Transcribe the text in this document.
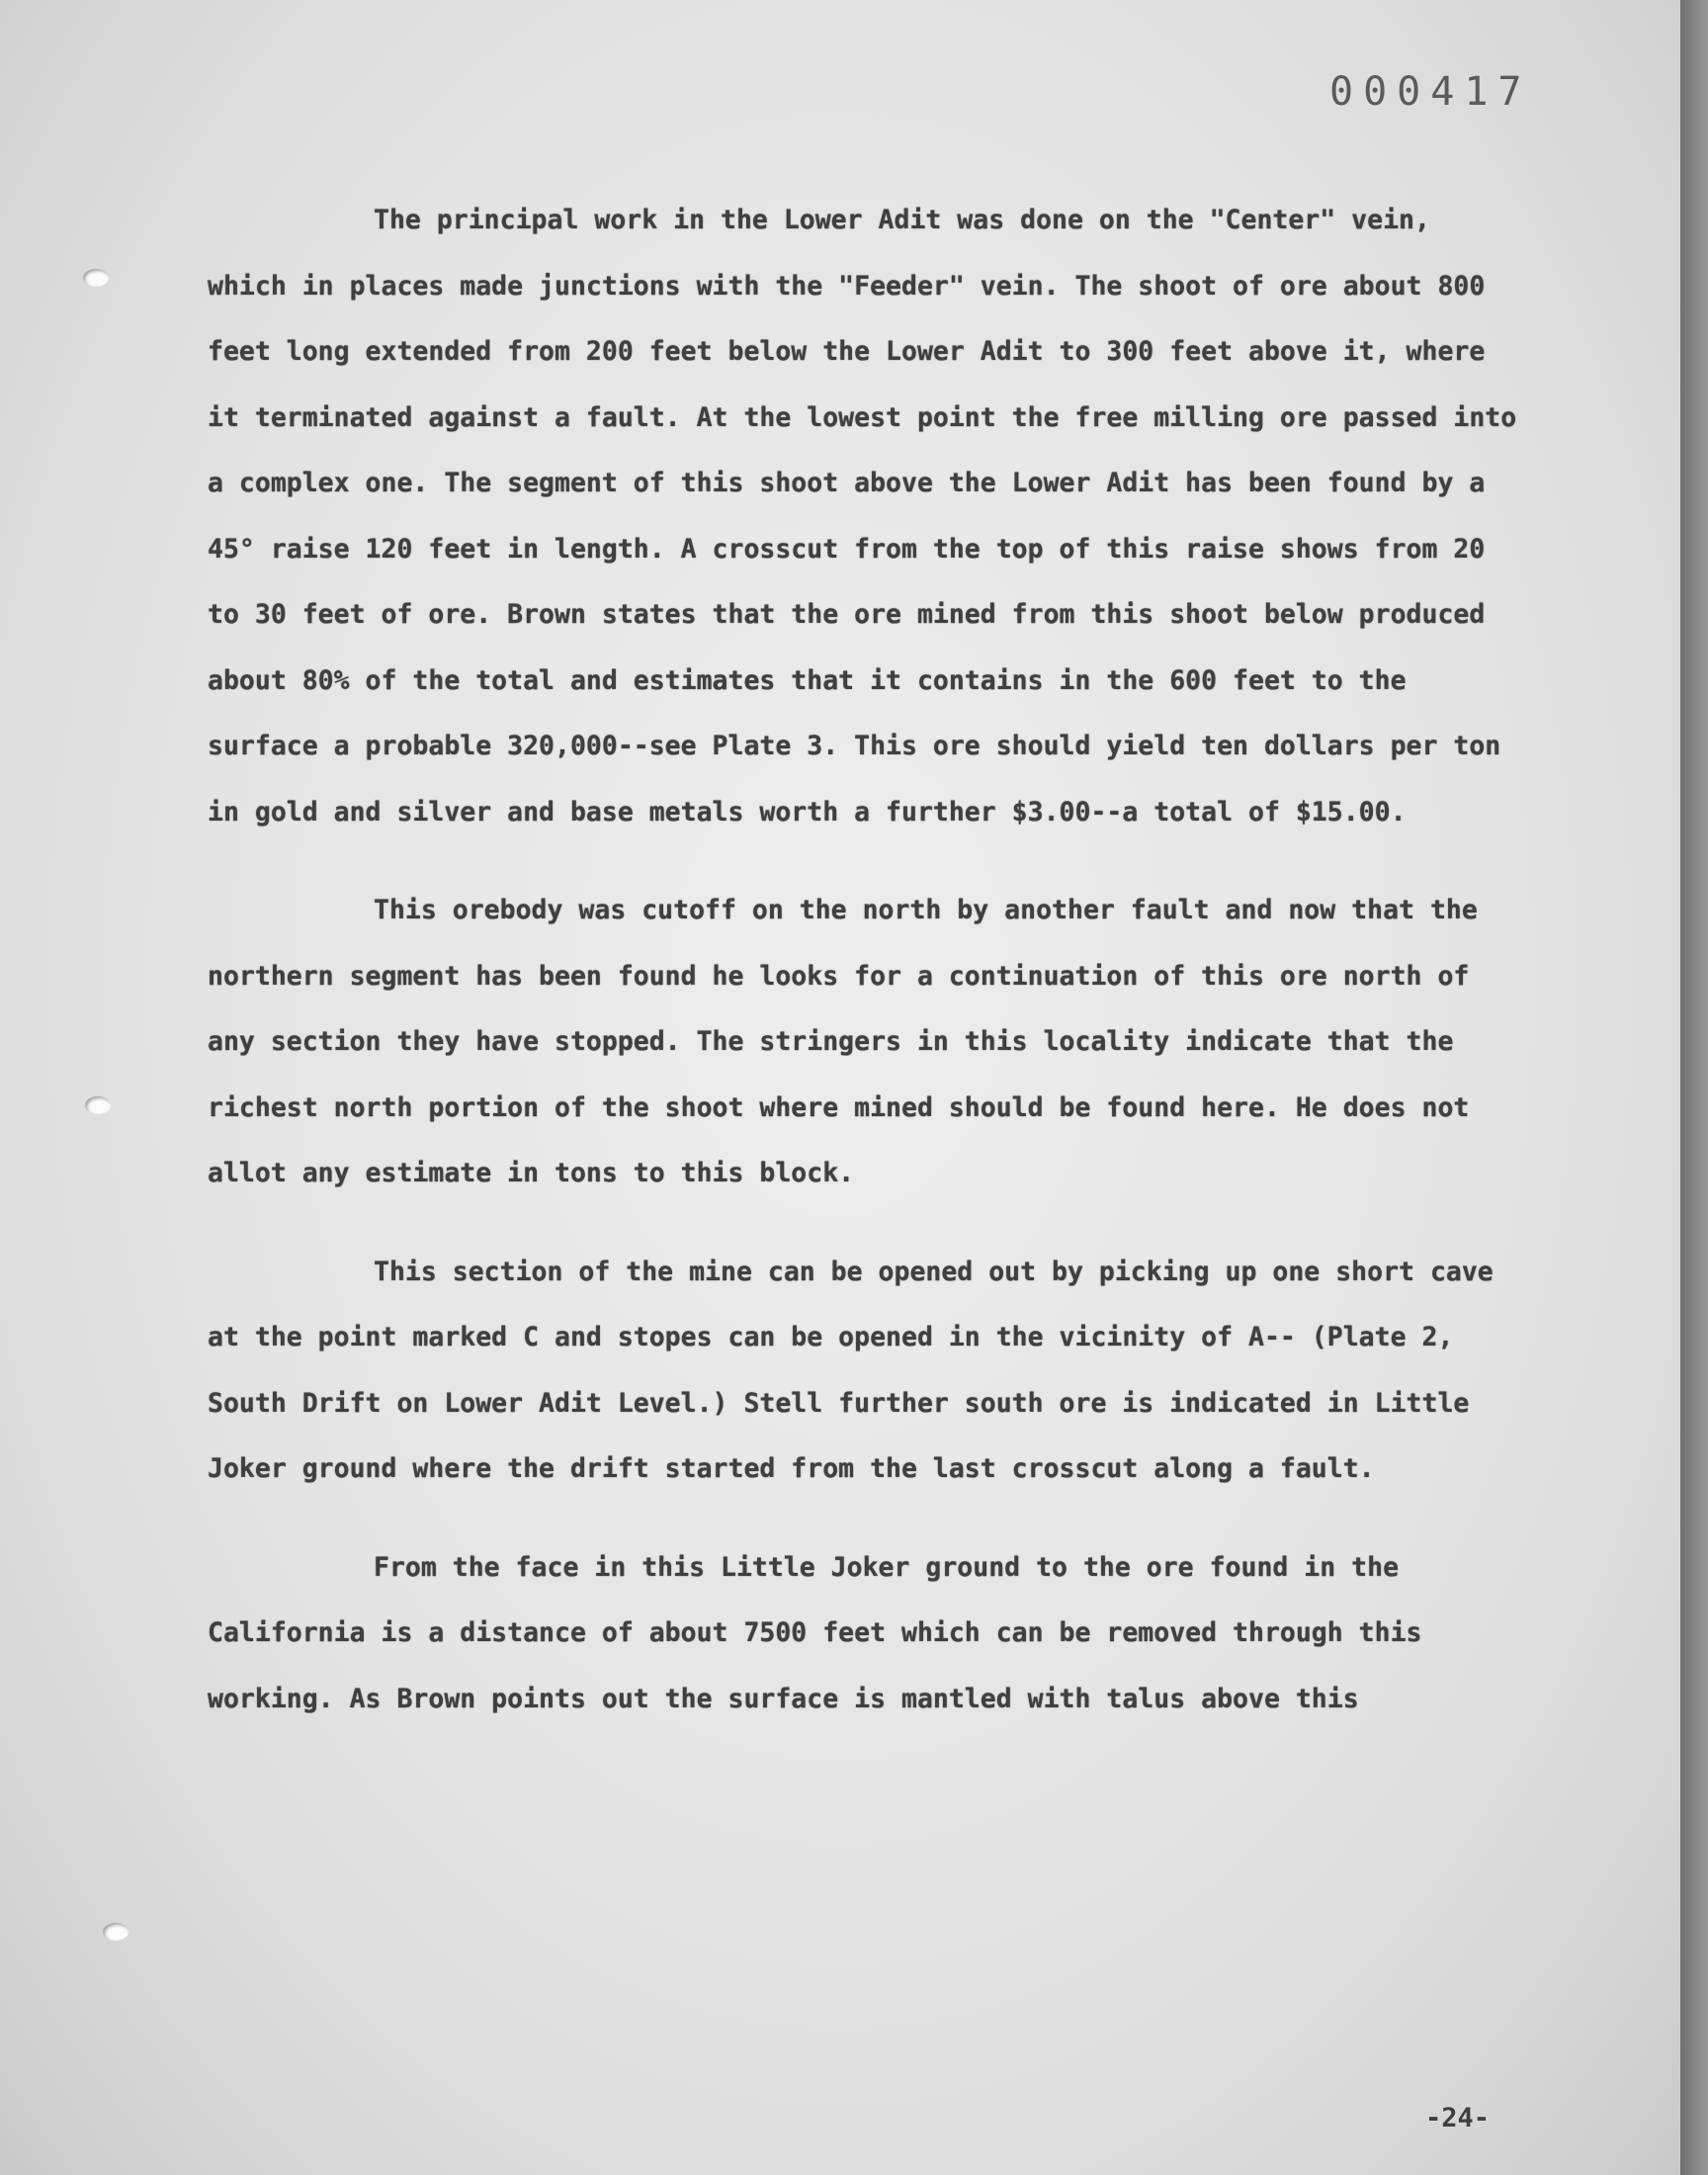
000417

The principal work in the Lower Adit was done on the "Center" vein, which in places made junctions with the "Feeder" vein. The shoot of ore about 800 feet long extended from 200 feet below the Lower Adit to 300 feet above it, where it terminated against a fault. At the lowest point the free milling ore passed into a complex one. The segment of this shoot above the Lower Adit has been found by a 45° raise 120 feet in length. A crosscut from the top of this raise shows from 20 to 30 feet of ore. Brown states that the ore mined from this shoot below produced about 80% of the total and estimates that it contains in the 600 feet to the surface a probable 320,000--see Plate 3. This ore should yield ten dollars per ton in gold and silver and base metals worth a further $3.00--a total of $15.00.

This orebody was cutoff on the north by another fault and now that the northern segment has been found he looks for a continuation of this ore north of any section they have stopped. The stringers in this locality indicate that the richest north portion of the shoot where mined should be found here. He does not allot any estimate in tons to this block.

This section of the mine can be opened out by picking up one short cave at the point marked C and stopes can be opened in the vicinity of A-- (Plate 2, South Drift on Lower Adit Level.) Stell further south ore is indicated in Little Joker ground where the drift started from the last crosscut along a fault.

From the face in this Little Joker ground to the ore found in the California is a distance of about 7500 feet which can be removed through this working. As Brown points out the surface is mantled with talus above this

-24-
